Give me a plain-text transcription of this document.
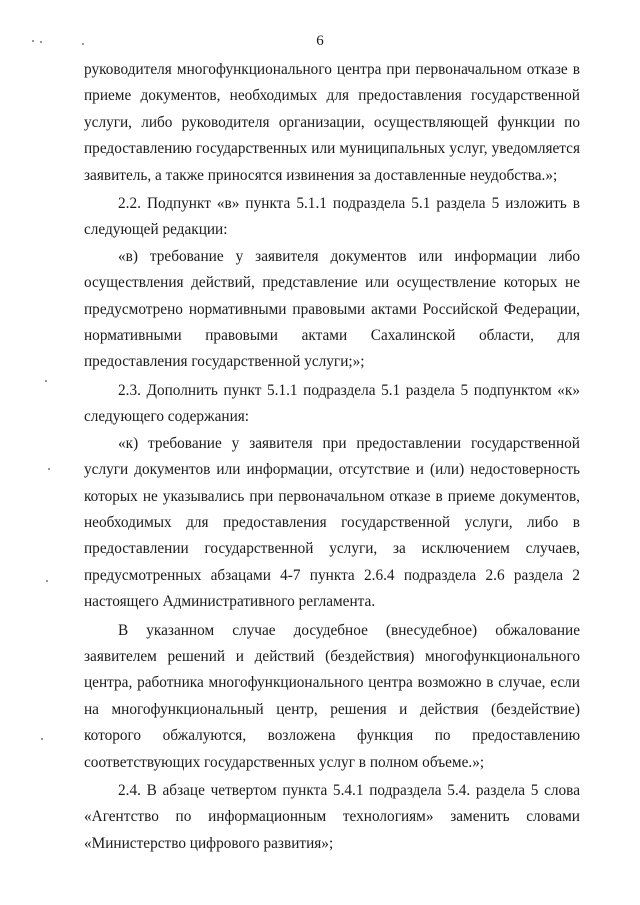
6

руководителя многофункционального центра при первоначальном отказе в приеме документов, необходимых для предоставления государственной услуги, либо руководителя организации, осуществляющей функции по предоставлению государственных или муниципальных услуг, уведомляется заявитель, а также приносятся извинения за доставленные неудобства.»;

2.2. Подпункт «в» пункта 5.1.1 подраздела 5.1 раздела 5 изложить в следующей редакции:

«в) требование у заявителя документов или информации либо осуществления действий, представление или осуществление которых не предусмотрено нормативными правовыми актами Российской Федерации, нормативными правовыми актами Сахалинской области, для предоставления государственной услуги;»;

2.3. Дополнить пункт 5.1.1 подраздела 5.1 раздела 5 подпунктом «к» следующего содержания:

«к) требование у заявителя при предоставлении государственной услуги документов или информации, отсутствие и (или) недостоверность которых не указывались при первоначальном отказе в приеме документов, необходимых для предоставления государственной услуги, либо в предоставлении государственной услуги, за исключением случаев, предусмотренных абзацами 4-7 пункта 2.6.4 подраздела 2.6 раздела 2 настоящего Административного регламента.

В указанном случае досудебное (внесудебное) обжалование заявителем решений и действий (бездействия) многофункционального центра, работника многофункционального центра возможно в случае, если на многофункциональный центр, решения и действия (бездействие) которого обжалуются, возложена функция по предоставлению соответствующих государственных услуг в полном объеме.»;

2.4. В абзаце четвертом пункта 5.4.1 подраздела 5.4. раздела 5 слова «Агентство по информационным технологиям» заменить словами «Министерство цифрового развития»;
